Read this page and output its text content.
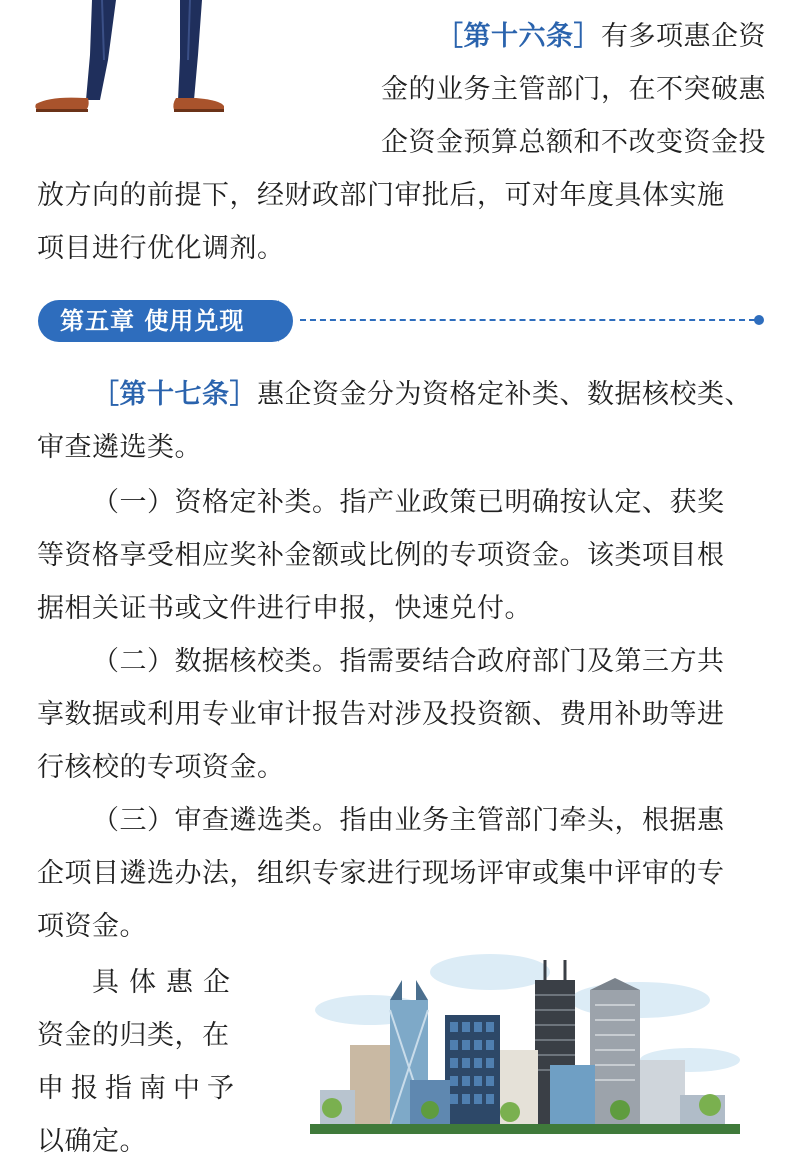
［第十六条］有多项惠企资

金的业务主管部门，在不突破惠

企资金预算总额和不改变资金投

放方向的前提下，经财政部门审批后，可对年度具体实施

项目进行优化调剂。

第五章 使用兑现

［第十七条］惠企资金分为资格定补类、数据核校类、

审查遴选类。

（一）资格定补类。指产业政策已明确按认定、获奖

等资格享受相应奖补金额或比例的专项资金。该类项目根

据相关证书或文件进行申报，快速兑付。

（二）数据核校类。指需要结合政府部门及第三方共

享数据或利用专业审计报告对涉及投资额、费用补助等进

行核校的专项资金。

（三）审查遴选类。指由业务主管部门牵头，根据惠

企项目遴选办法，组织专家进行现场评审或集中评审的专

项资金。

具体惠企

资金的归类，在

申报指南中予

以确定。
